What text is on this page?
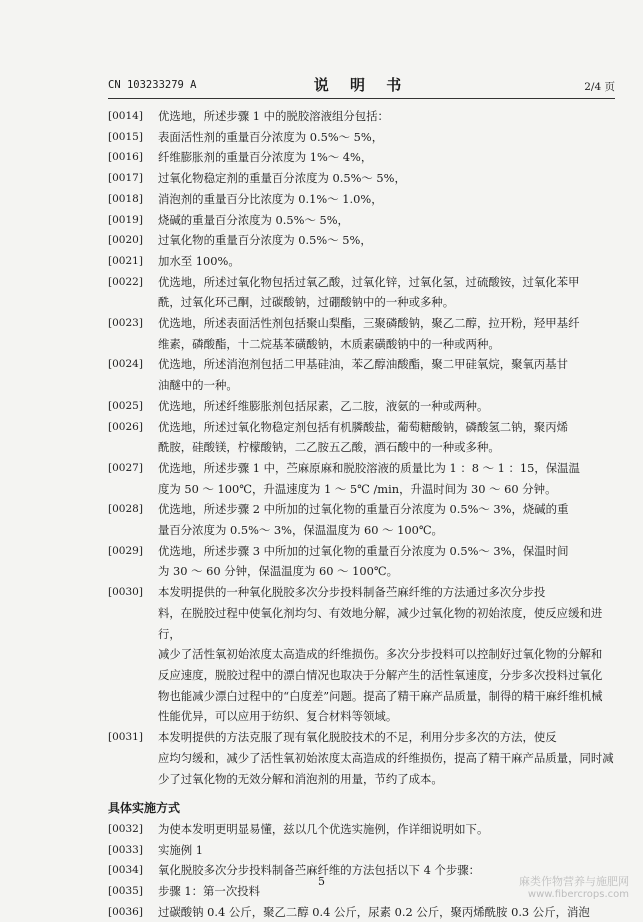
CN 103233279 A	说 明 书	2/4 页
[0014]	优选地，所述步骤 1 中的脱胶溶液组分包括：
[0015]	表面活性剂的重量百分浓度为 0.5%～ 5%，
[0016]	纤维膨胀剂的重量百分浓度为 1%～ 4%，
[0017]	过氧化物稳定剂的重量百分浓度为 0.5%～ 5%，
[0018]	消泡剂的重量百分比浓度为 0.1%～ 1.0%，
[0019]	烧碱的重量百分浓度为 0.5%～ 5%，
[0020]	过氧化物的重量百分浓度为 0.5%～ 5%，
[0021]	加水至 100%。
[0022]	优选地，所述过氧化物包括过氧乙酸，过氧化锌，过氧化氢，过硫酸铵，过氧化苯甲
酰，过氧化环己酮，过碳酸钠，过硼酸钠中的一种或多种。
[0023]	优选地，所述表面活性剂包括聚山梨酯，三聚磷酸钠，聚乙二醇，拉开粉，羟甲基纤
维素，磷酸酯，十二烷基苯磺酸钠，木质素磺酸钠中的一种或两种。
[0024]	优选地，所述消泡剂包括二甲基硅油，苯乙醇油酸酯，聚二甲硅氧烷，聚氧丙基甘
油醚中的一种。
[0025]	优选地，所述纤维膨胀剂包括尿素，乙二胺，液氨的一种或两种。
[0026]	优选地，所述过氧化物稳定剂包括有机膦酸盐，葡萄糖酸钠，磷酸氢二钠，聚丙烯
酰胺，硅酸镁，柠檬酸钠，二乙胺五乙酸，酒石酸中的一种或多种。
[0027]	优选地，所述步骤 1 中，苎麻原麻和脱胶溶液的质量比为 1 ：8 ～ 1 ：15，保温温
度为 50 ～ 100℃，升温速度为 1 ～ 5℃ /min，升温时间为 30 ～ 60 分钟。
[0028]	优选地，所述步骤 2 中所加的过氧化物的重量百分浓度为 0.5%～ 3%，烧碱的重
量百分浓度为 0.5%～ 3%，保温温度为 60 ～ 100℃。
[0029]	优选地，所述步骤 3 中所加的过氧化物的重量百分浓度为 0.5%～ 3%，保温时间
为 30 ～ 60 分钟，保温温度为 60 ～ 100℃。
[0030]	本发明提供的一种氧化脱胶多次分步投料制备苎麻纤维的方法通过多次分步投
料，在脱胶过程中使氧化剂均匀、有效地分解，减少过氧化物的初始浓度，使反应缓和进行，
减少了活性氧初始浓度太高造成的纤维损伤。多次分步投料可以控制好过氧化物的分解和
反应速度，脱胶过程中的漂白情况也取决于分解产生的活性氧速度，分步多次投料过氧化
物也能减少漂白过程中的“白度差”问题。提高了精干麻产品质量，制得的精干麻纤维机械
性能优异，可以应用于纺织、复合材料等领域。
[0031]	本发明提供的方法克服了现有氧化脱胶技术的不足，利用分步多次的方法，使反
应均匀缓和，减少了活性氧初始浓度太高造成的纤维损伤，提高了精干麻产品质量，同时减
少了过氧化物的无效分解和消泡剂的用量，节约了成本。
具体实施方式
[0032]	为使本发明更明显易懂，兹以几个优选实施例，作详细说明如下。
[0033]	实施例 1
[0034]	氧化脱胶多次分步投料制备苎麻纤维的方法包括以下 4 个步骤：
[0035]	步骤 1：第一次投料
[0036]	过碳酸钠 0.4 公斤，聚乙二醇 0.4 公斤，尿素 0.2 公斤，聚丙烯酰胺 0.3 公斤，消泡
5	麻类作物营养与施肥网
www.fibercrops.com
